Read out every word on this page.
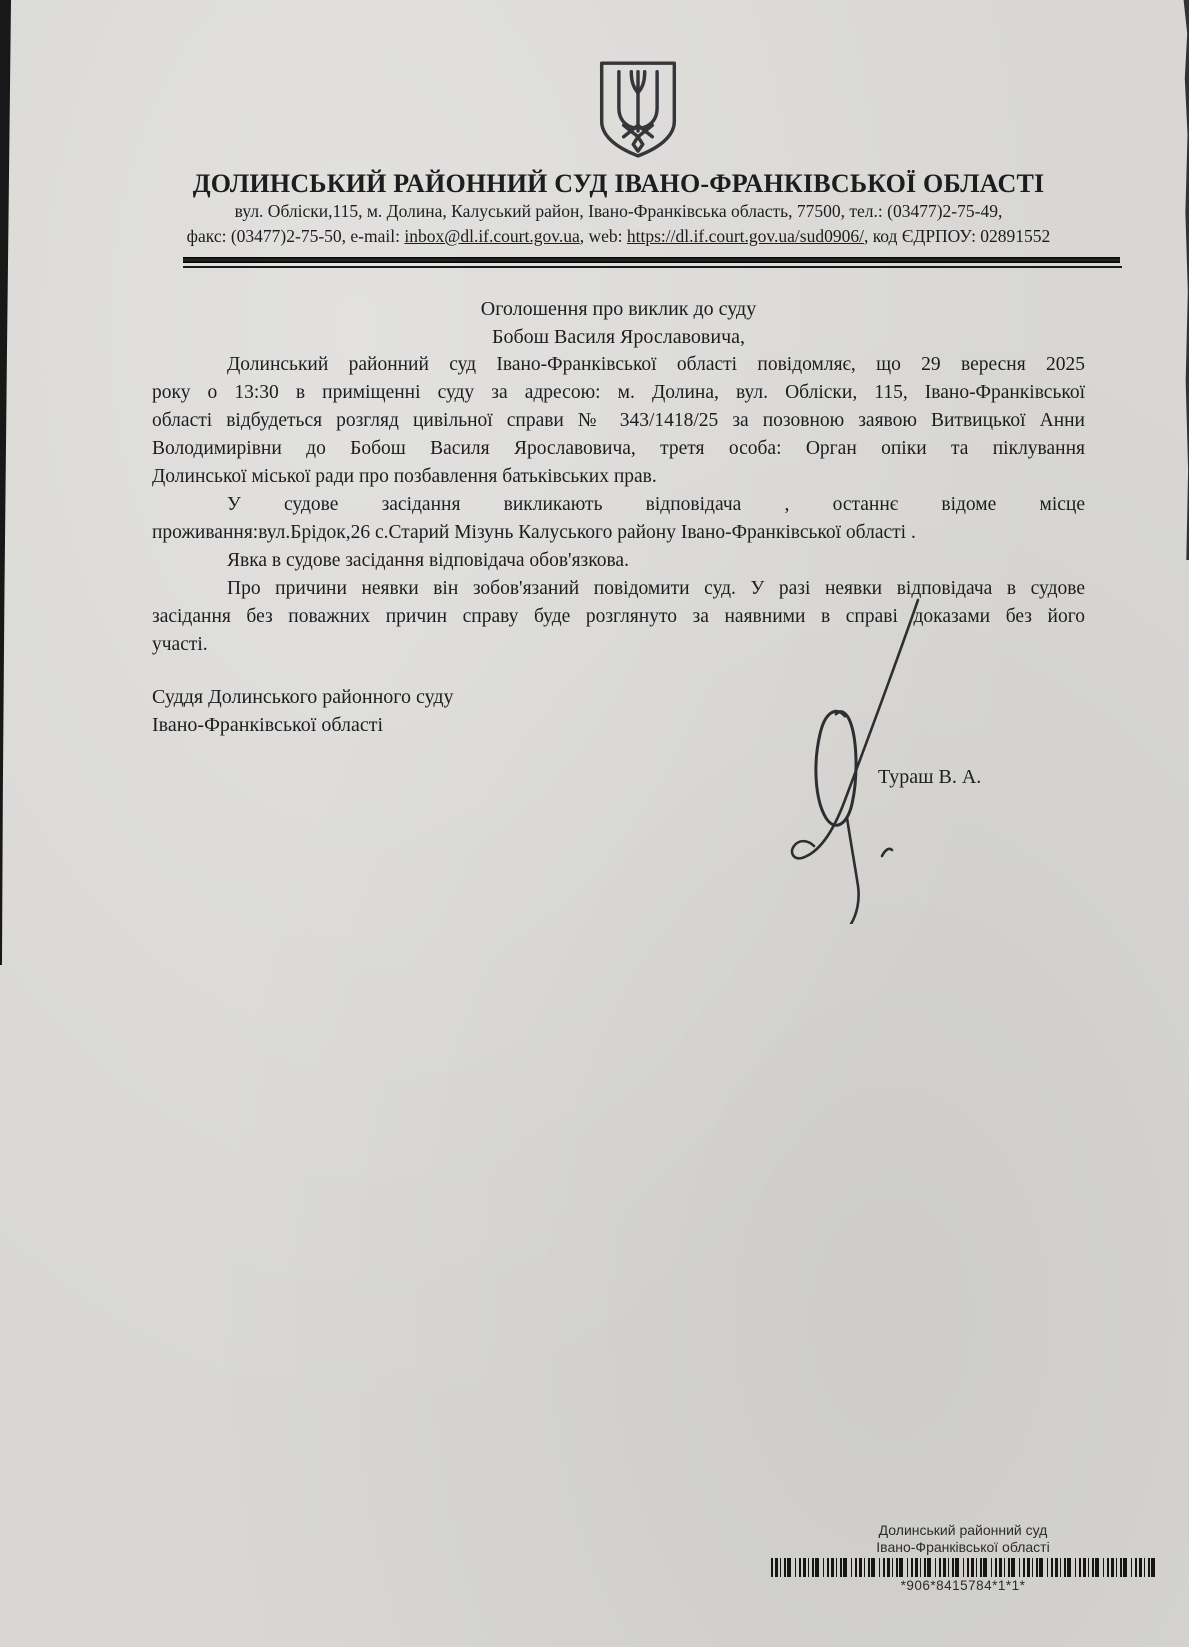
ДОЛИНСЬКИЙ РАЙОННИЙ СУД ІВАНО-ФРАНКІВСЬКОЇ ОБЛАСТІ
вул. Обліски,115, м. Долина, Калуський район, Івано-Франківська область, 77500, тел.: (03477)2-75-49,
факс: (03477)2-75-50, e-mail: inbox@dl.if.court.gov.ua, web: https://dl.if.court.gov.ua/sud0906/, код ЄДРПОУ: 02891552
Оголошення про виклик до суду
Бобош Василя Ярославовича,
Долинський районний суд Івано-Франківської області повідомляє, що 29 вересня 2025
року о 13:30 в приміщенні суду за адресою: м. Долина, вул. Обліски, 115, Івано-Франківської
області відбудеться розгляд цивільної справи № 343/1418/25 за позовною заявою Витвицької Анни
Володимирівни до Бобош Василя Ярославовича, третя особа: Орган опіки та піклування
Долинської міської ради про позбавлення батьківських прав.
У судове засідання викликають відповідача , останнє відоме місце
проживання:вул.Брідок,26 с.Старий Мізунь Калуського району Івано-Франківської області .
Явка в судове засідання відповідача обов'язкова.
Про причини неявки він зобов'язаний повідомити суд. У разі неявки відповідача в судове
засідання без поважних причин справу буде розглянуто за наявними в справі доказами без його
участі.
Суддя Долинського районного суду
Івано-Франківської області
Тураш В. А.
Долинський районний суд
Івано-Франківської області
*906*8415784*1*1*
